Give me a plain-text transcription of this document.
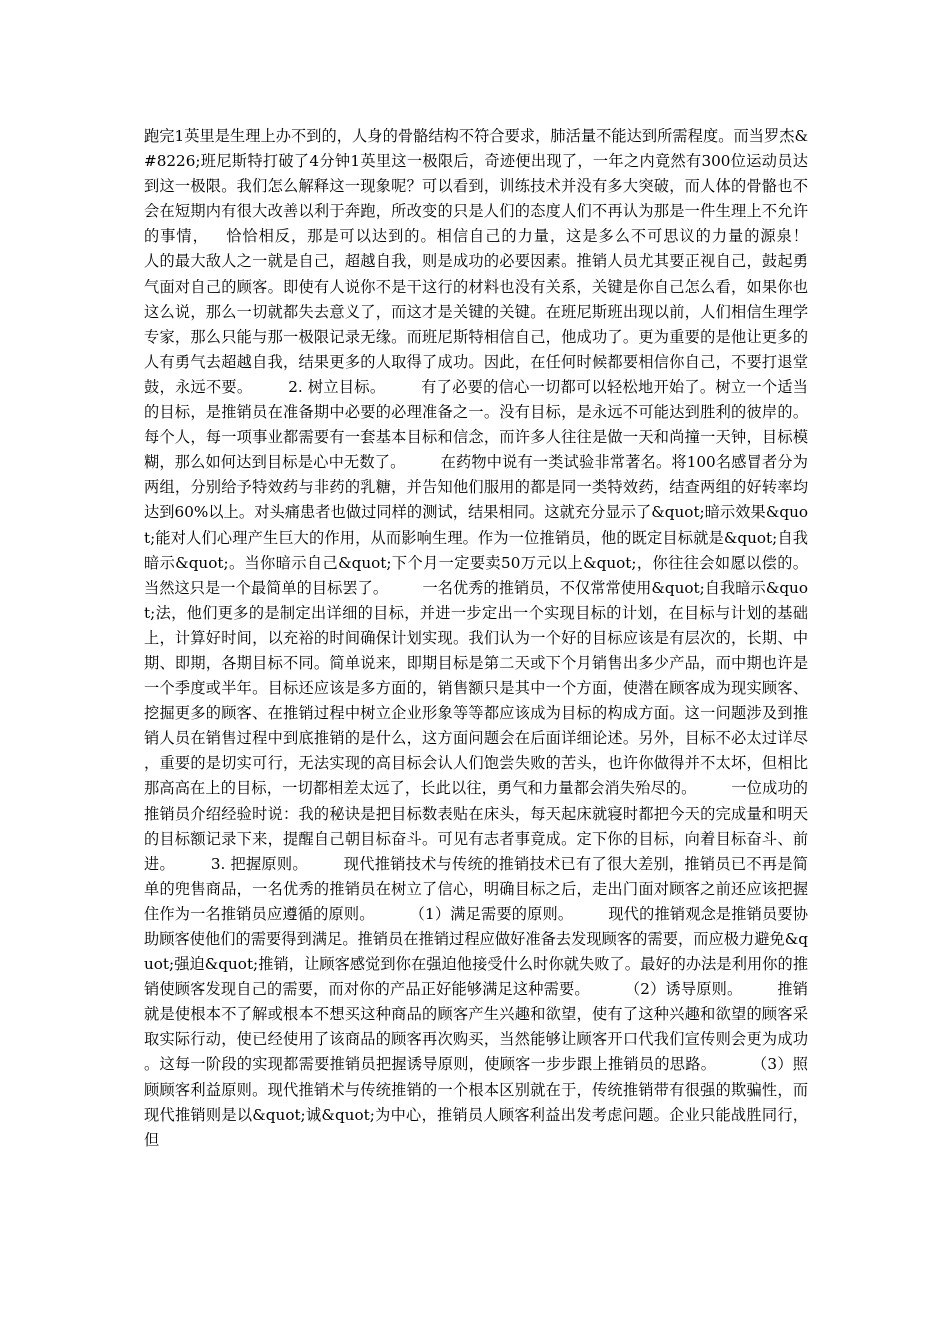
跑完1英里是生理上办不到的，人身的骨骼结构不符合要求，肺活量不能达到所需程度。而当罗杰&#8226;班尼斯特打破了4分钟1英里这一极限后，奇迹便出现了，一年之内竟然有300位运动员达到这一极限。我们怎么解释这一现象呢？可以看到，训练技术并没有多大突破，而人体的骨骼也不会在短期内有很大改善以利于奔跑，所改变的只是人们的态度人们不再认为那是一件生理上不允许的事情，   恰恰相反，那是可以达到的。相信自己的力量，这是多么不可思议的力量的源泉！       人的最大敌人之一就是自己，超越自我，则是成功的必要因素。推销人员尤其要正视自己，鼓起勇气面对自己的顾客。即使有人说你不是干这行的材料也没有关系，关键是你自己怎么看，如果你也这么说，那么一切就都失去意义了，而这才是关键的关键。在班尼斯班出现以前，人们相信生理学专家，那么只能与那一极限记录无缘。而班尼斯特相信自己，他成功了。更为重要的是他让更多的人有勇气去超越自我，结果更多的人取得了成功。因此，在任何时候都要相信你自己，不要打退堂鼓，永远不要。       2. 树立目标。       有了必要的信心一切都可以轻松地开始了。树立一个适当的目标，是推销员在准备期中必要的必理准备之一。没有目标，是永远不可能达到胜利的彼岸的。每个人，每一项事业都需要有一套基本目标和信念，而许多人往往是做一天和尚撞一天钟，目标模糊，那么如何达到目标是心中无数了。       在药物中说有一类试验非常著名。将100名感冒者分为两组，分别给予特效药与非药的乳糖，并告知他们服用的都是同一类特效药，结查两组的好转率均达到60%以上。对头痛患者也做过同样的测试，结果相同。这就充分显示了&quot;暗示效果&quot;能对人们心理产生巨大的作用，从而影响生理。作为一位推销员，他的既定目标就是&quot;自我暗示&quot;。当你暗示自己&quot;下个月一定要卖50万元以上&quot;，你往往会如愿以偿的。当然这只是一个最简单的目标罢了。       一名优秀的推销员，不仅常常使用&quot;自我暗示&quot;法，他们更多的是制定出详细的目标，并进一步定出一个实现目标的计划，在目标与计划的基础上，计算好时间，以充裕的时间确保计划实现。我们认为一个好的目标应该是有层次的，长期、中期、即期，各期目标不同。简单说来，即期目标是第二天或下个月销售出多少产品，而中期也许是一个季度或半年。目标还应该是多方面的，销售额只是其中一个方面，使潜在顾客成为现实顾客、挖掘更多的顾客、在推销过程中树立企业形象等等都应该成为目标的构成方面。这一问题涉及到推销人员在销售过程中到底推销的是什么，这方面问题会在后面详细论述。另外，目标不必太过详尽，重要的是切实可行，无法实现的高目标会认人们饱尝失败的苦头，也许你做得并不太坏，但相比那高高在上的目标，一切都相差太远了，长此以往，勇气和力量都会消失殆尽的。       一位成功的推销员介绍经验时说：我的秘诀是把目标数表贴在床头，每天起床就寝时都把今天的完成量和明天的目标额记录下来，提醒自己朝目标奋斗。可见有志者事竟成。定下你的目标，向着目标奋斗、前进。       3. 把握原则。       现代推销技术与传统的推销技术已有了很大差别，推销员已不再是简单的兜售商品，一名优秀的推销员在树立了信心，明确目标之后，走出门面对顾客之前还应该把握住作为一名推销员应遵循的原则。       （1）满足需要的原则。       现代的推销观念是推销员要协助顾客使他们的需要得到满足。推销员在推销过程应做好准备去发现顾客的需要，而应极力避免&quot;强迫&quot;推销，让顾客感觉到你在强迫他接受什么时你就失败了。最好的办法是利用你的推销使顾客发现自己的需要，而对你的产品正好能够满足这种需要。       （2）诱导原则。       推销就是使根本不了解或根本不想买这种商品的顾客产生兴趣和欲望，使有了这种兴趣和欲望的顾客采取实际行动，使已经使用了该商品的顾客再次购买，当然能够让顾客开口代我们宣传则会更为成功。这每一阶段的实现都需要推销员把握诱导原则，使顾客一步步跟上推销员的思路。       （3）照顾顾客利益原则。现代推销术与传统推销的一个根本区别就在于，传统推销带有很强的欺骗性，而现代推销则是以&quot;诚&quot;为中心，推销员人顾客利益出发考虑问题。企业只能战胜同行，但
